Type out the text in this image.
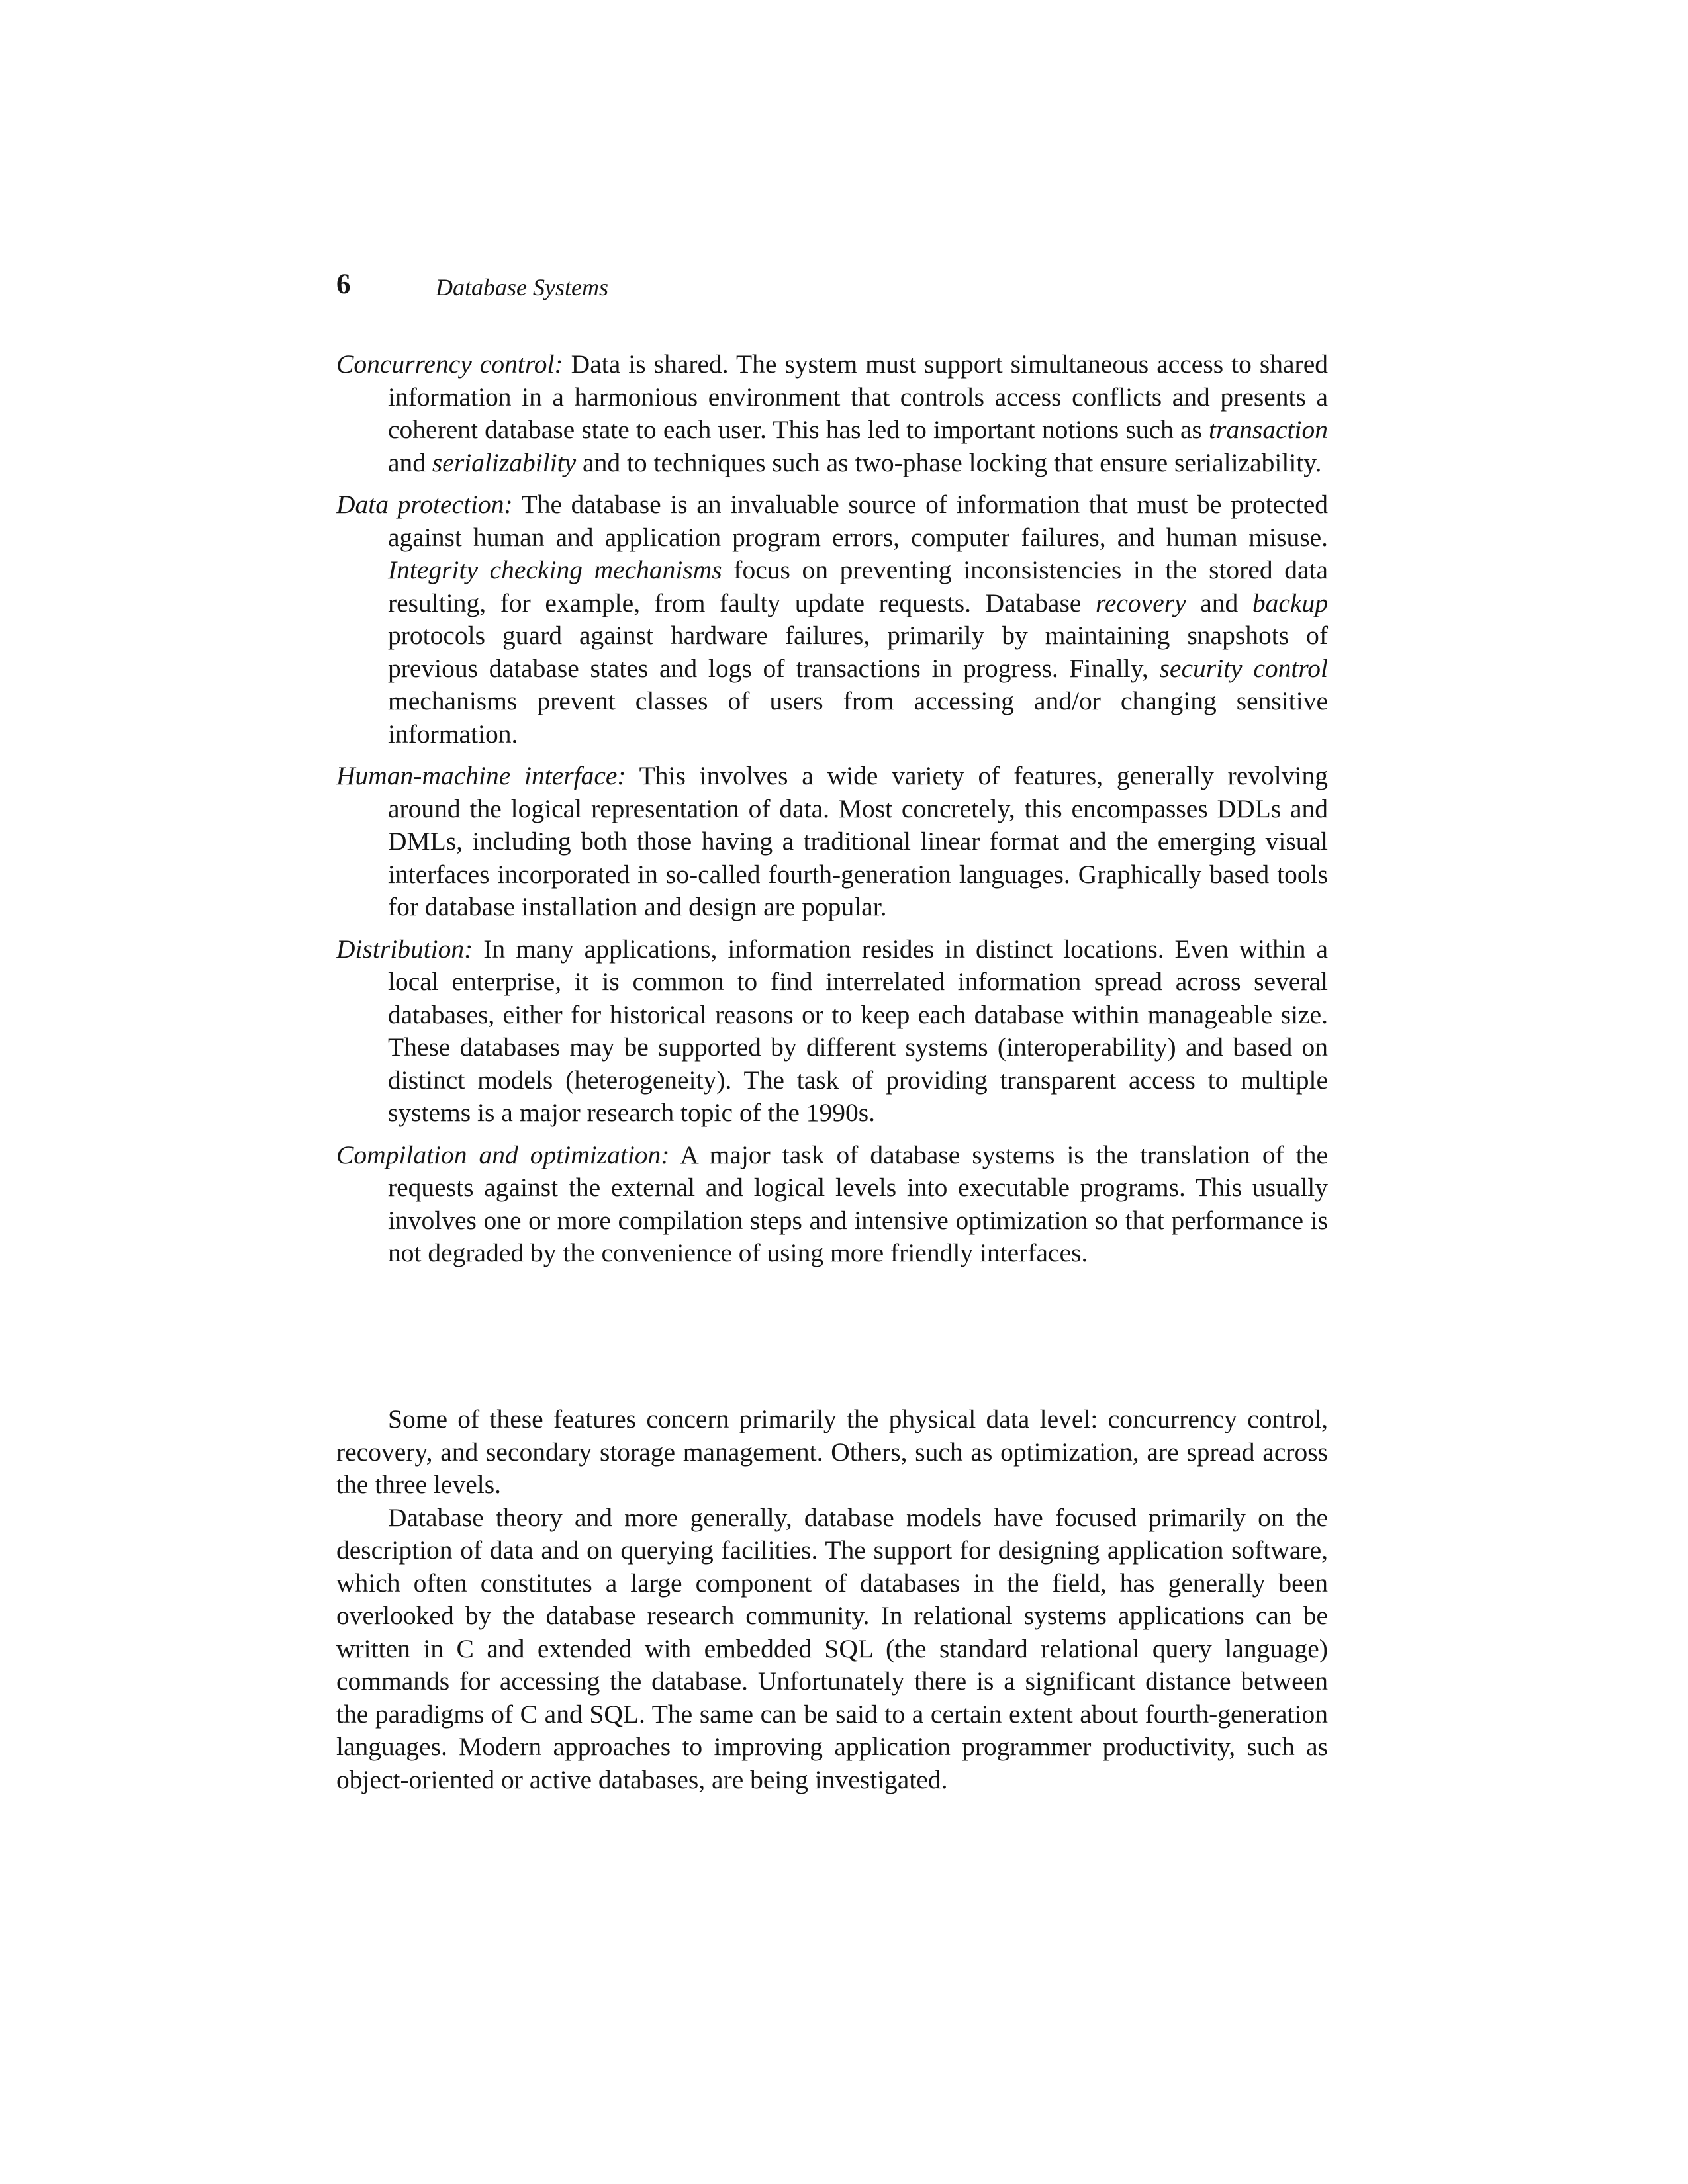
6	Database Systems

Concurrency control: Data is shared. The system must support simultaneous access to shared information in a harmonious environment that controls access conflicts and presents a coherent database state to each user. This has led to important notions such as transaction and serializability and to techniques such as two-phase locking that ensure serializability.

Data protection: The database is an invaluable source of information that must be protected against human and application program errors, computer failures, and human misuse. Integrity checking mechanisms focus on preventing inconsistencies in the stored data resulting, for example, from faulty update requests. Database recovery and backup protocols guard against hardware failures, primarily by maintaining snapshots of previous database states and logs of transactions in progress. Finally, security control mechanisms prevent classes of users from accessing and/or changing sensitive information.

Human-machine interface: This involves a wide variety of features, generally revolving around the logical representation of data. Most concretely, this encompasses DDLs and DMLs, including both those having a traditional linear format and the emerging visual interfaces incorporated in so-called fourth-generation languages. Graphically based tools for database installation and design are popular.

Distribution: In many applications, information resides in distinct locations. Even within a local enterprise, it is common to find interrelated information spread across several databases, either for historical reasons or to keep each database within manageable size. These databases may be supported by different systems (interoperability) and based on distinct models (heterogeneity). The task of providing transparent access to multiple systems is a major research topic of the 1990s.

Compilation and optimization: A major task of database systems is the translation of the requests against the external and logical levels into executable programs. This usually involves one or more compilation steps and intensive optimization so that performance is not degraded by the convenience of using more friendly interfaces.

Some of these features concern primarily the physical data level: concurrency control, recovery, and secondary storage management. Others, such as optimization, are spread across the three levels.

Database theory and more generally, database models have focused primarily on the description of data and on querying facilities. The support for designing application software, which often constitutes a large component of databases in the field, has generally been overlooked by the database research community. In relational systems applications can be written in C and extended with embedded SQL (the standard relational query language) commands for accessing the database. Unfortunately there is a significant distance between the paradigms of C and SQL. The same can be said to a certain extent about fourth-generation languages. Modern approaches to improving application programmer productivity, such as object-oriented or active databases, are being investigated.
